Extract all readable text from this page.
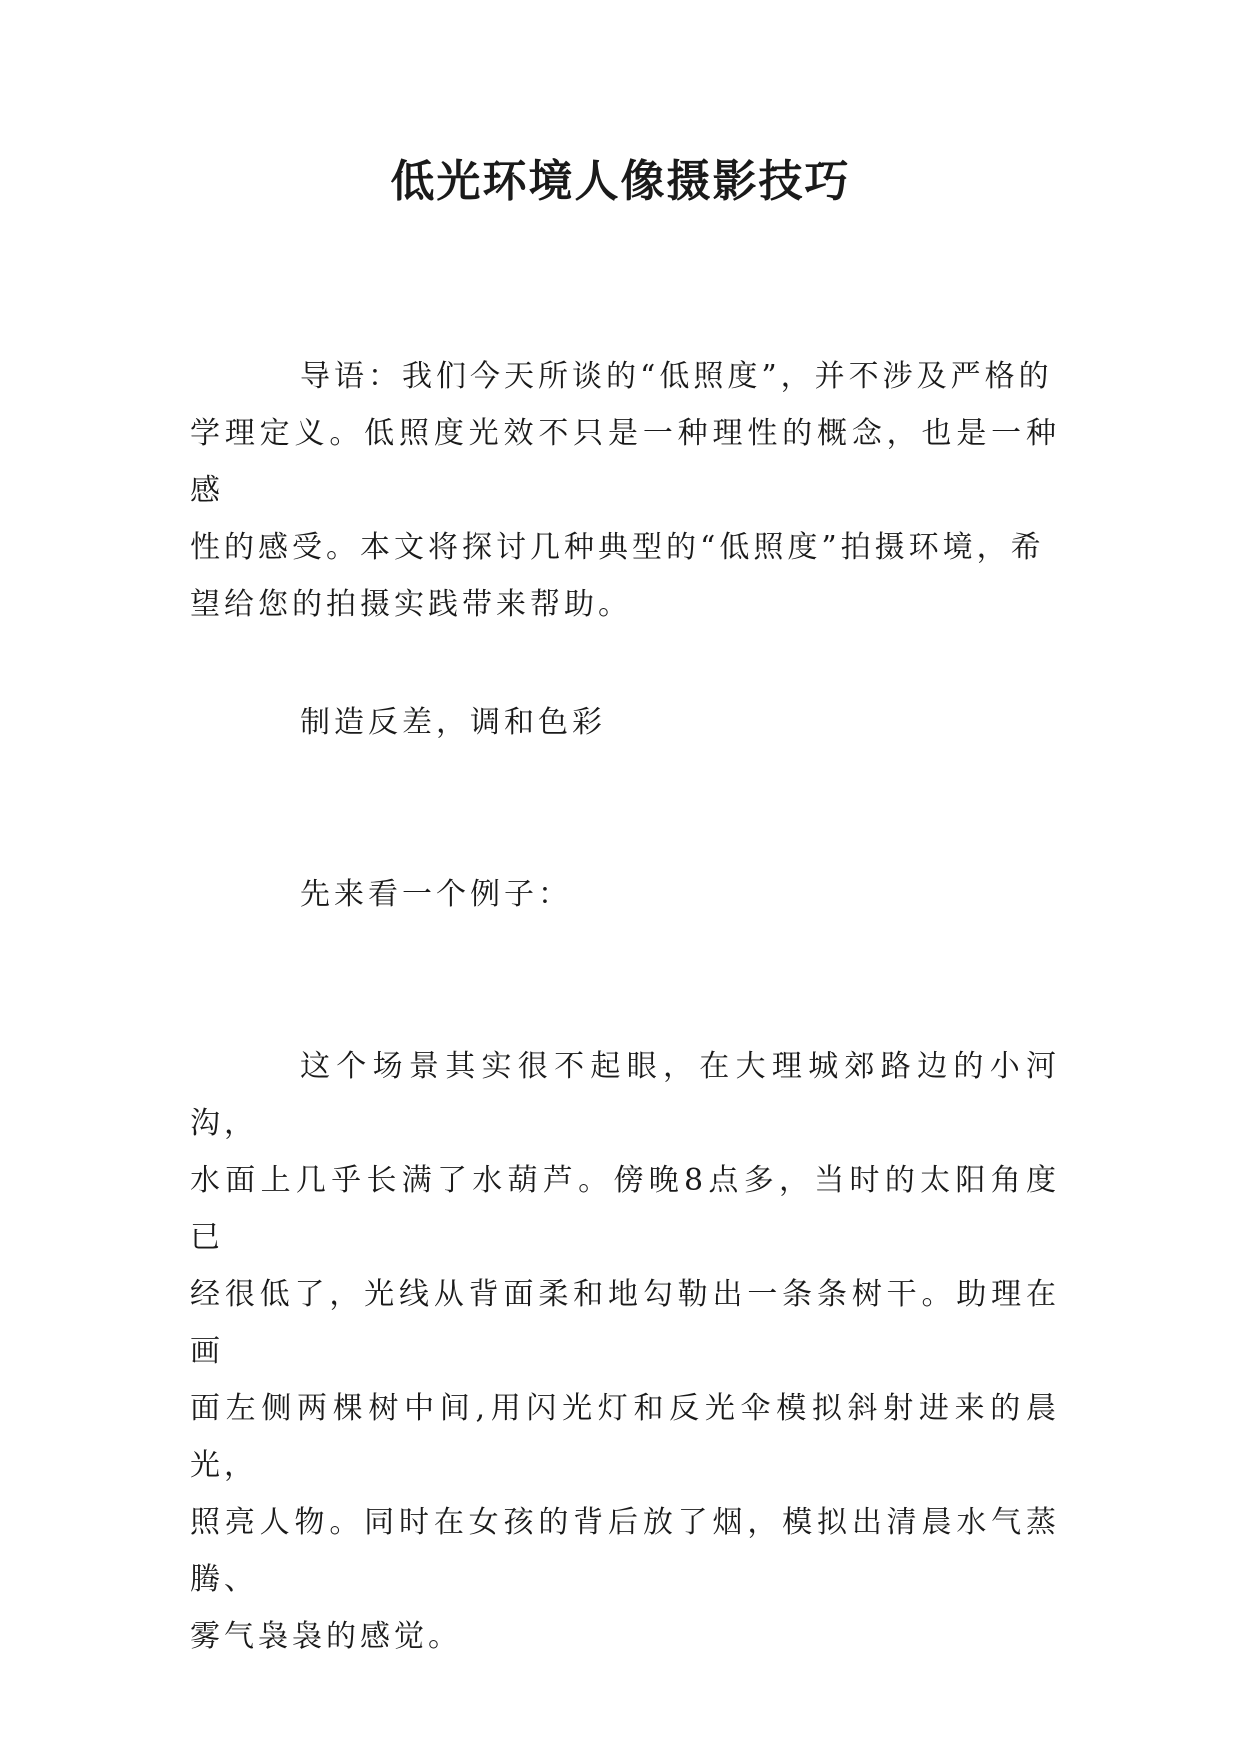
低光环境人像摄影技巧

导语：我们今天所谈的“低照度”，并不涉及严格的
学理定义。低照度光效不只是一种理性的概念，也是一种感
性的感受。本文将探讨几种典型的“低照度”拍摄环境，希
望给您的拍摄实践带来帮助。

制造反差，调和色彩

先来看一个例子：

这个场景其实很不起眼，在大理城郊路边的小河沟，
水面上几乎长满了水葫芦。傍晚8点多，当时的太阳角度已
经很低了，光线从背面柔和地勾勒出一条条树干。助理在画
面左侧两棵树中间,用闪光灯和反光伞模拟斜射进来的晨光，
照亮人物。同时在女孩的背后放了烟，模拟出清晨水气蒸腾、
雾气袅袅的感觉。
